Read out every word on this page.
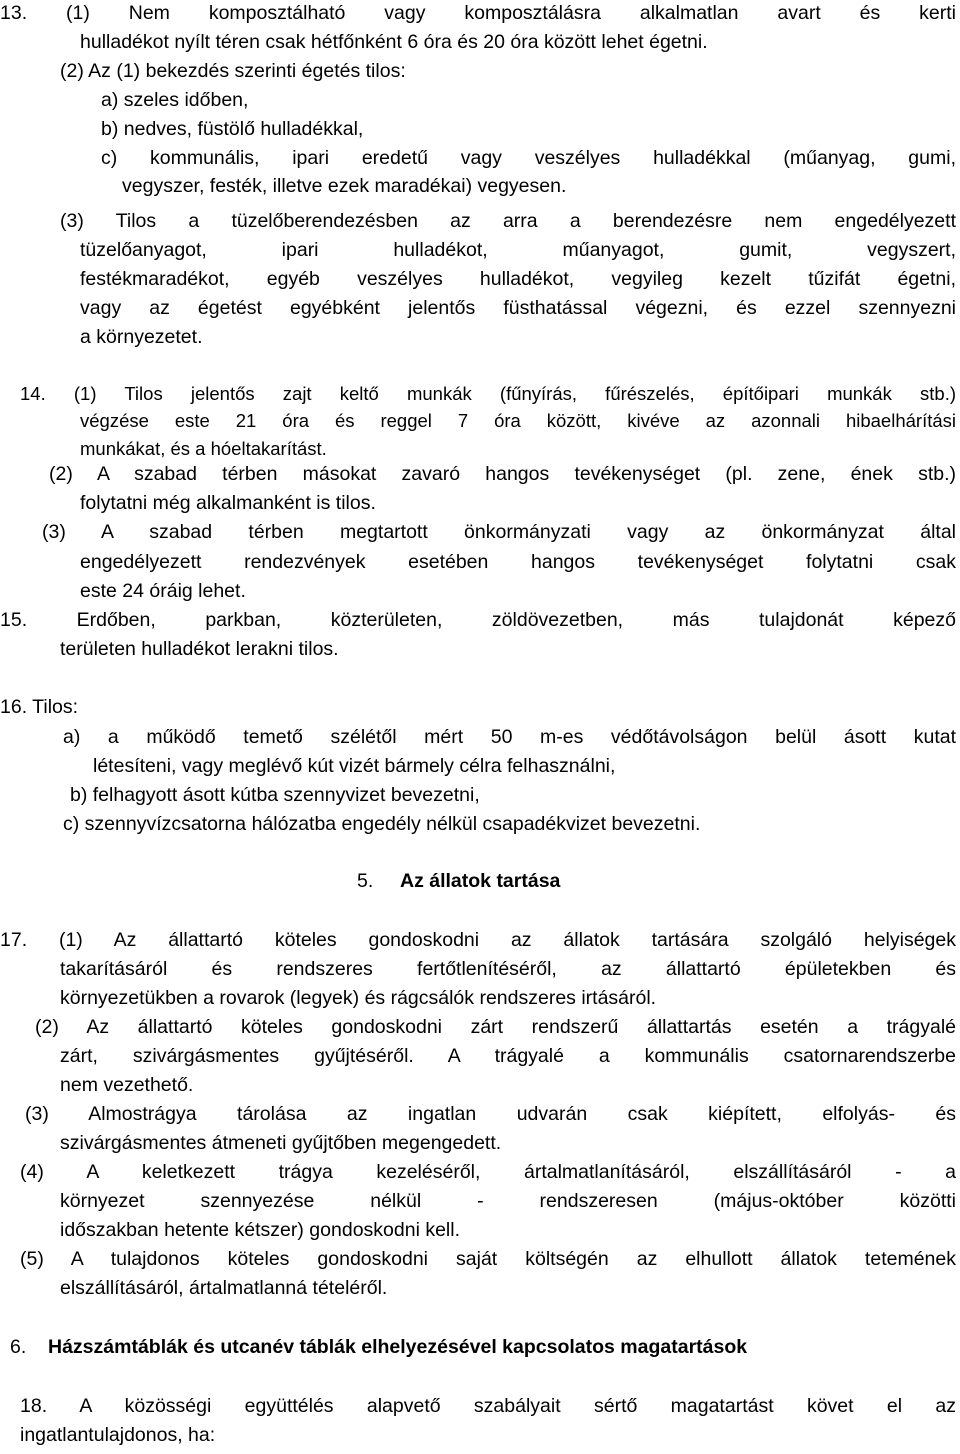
13. (1) Nem komposztálható vagy komposztálásra alkalmatlan avart és kerti
hulladékot nyílt téren csak hétfőnként 6 óra és 20 óra között lehet égetni.
(2) Az (1) bekezdés szerinti égetés tilos:
a) szeles időben,
b) nedves, füstölő hulladékkal,
c) kommunális, ipari eredetű vagy veszélyes hulladékkal (műanyag, gumi,
vegyszer, festék, illetve ezek maradékai) vegyesen.
(3) Tilos a tüzelőberendezésben az arra a berendezésre nem engedélyezett
tüzelőanyagot, ipari hulladékot, műanyagot, gumit, vegyszert,
festékmaradékot, egyéb veszélyes hulladékot, vegyileg kezelt tűzifát égetni,
vagy az égetést egyébként jelentős füsthatással végezni, és ezzel szennyezni
a környezetet.
14. (1) Tilos jelentős zajt keltő munkák (fűnyírás, fűrészelés, építőipari munkák stb.)
végzése este 21 óra és reggel 7 óra között, kivéve az azonnali hibaelhárítási
munkákat, és a hóeltakarítást.
(2) A szabad térben másokat zavaró hangos tevékenységet (pl. zene, ének stb.)
folytatni még alkalmanként is tilos.
(3) A szabad térben megtartott önkormányzati vagy az önkormányzat által
engedélyezett rendezvények esetében hangos tevékenységet folytatni csak
este 24 óráig lehet.
15. Erdőben, parkban, közterületen, zöldövezetben, más tulajdonát képező
területen hulladékot lerakni tilos.
16. Tilos:
a) a működő temető szélétől mért 50 m-es védőtávolságon belül ásott kutat
létesíteni, vagy meglévő kút vizét bármely célra felhasználni,
b) felhagyott ásott kútba szennyvizet bevezetni,
c) szennyvízcsatorna hálózatba engedély nélkül csapadékvizet bevezetni.
5. Az állatok tartása
17. (1) Az állattartó köteles gondoskodni az állatok tartására szolgáló helyiségek
takarításáról és rendszeres fertőtlenítéséről, az állattartó épületekben és
környezetükben a rovarok (legyek) és rágcsálók rendszeres irtásáról.
(2) Az állattartó köteles gondoskodni zárt rendszerű állattartás esetén a trágyalé
zárt, szivárgásmentes gyűjtéséről. A trágyalé a kommunális csatornarendszerbe
nem vezethető.
(3) Almostrágya tárolása az ingatlan udvarán csak kiépített, elfolyás- és
szivárgásmentes átmeneti gyűjtőben megengedett.
(4) A keletkezett trágya kezeléséről, ártalmatlanításáról, elszállításáról - a
környezet szennyezése nélkül - rendszeresen (május-október közötti
időszakban hetente kétszer) gondoskodni kell.
(5) A tulajdonos köteles gondoskodni saját költségén az elhullott állatok tetemének
elszállításáról, ártalmatlanná tételéről.
6. Házszámtáblák és utcanév táblák elhelyezésével kapcsolatos magatartások
18. A közösségi együttélés alapvető szabályait sértő magatartást követ el az
ingatlantulajdonos, ha:
